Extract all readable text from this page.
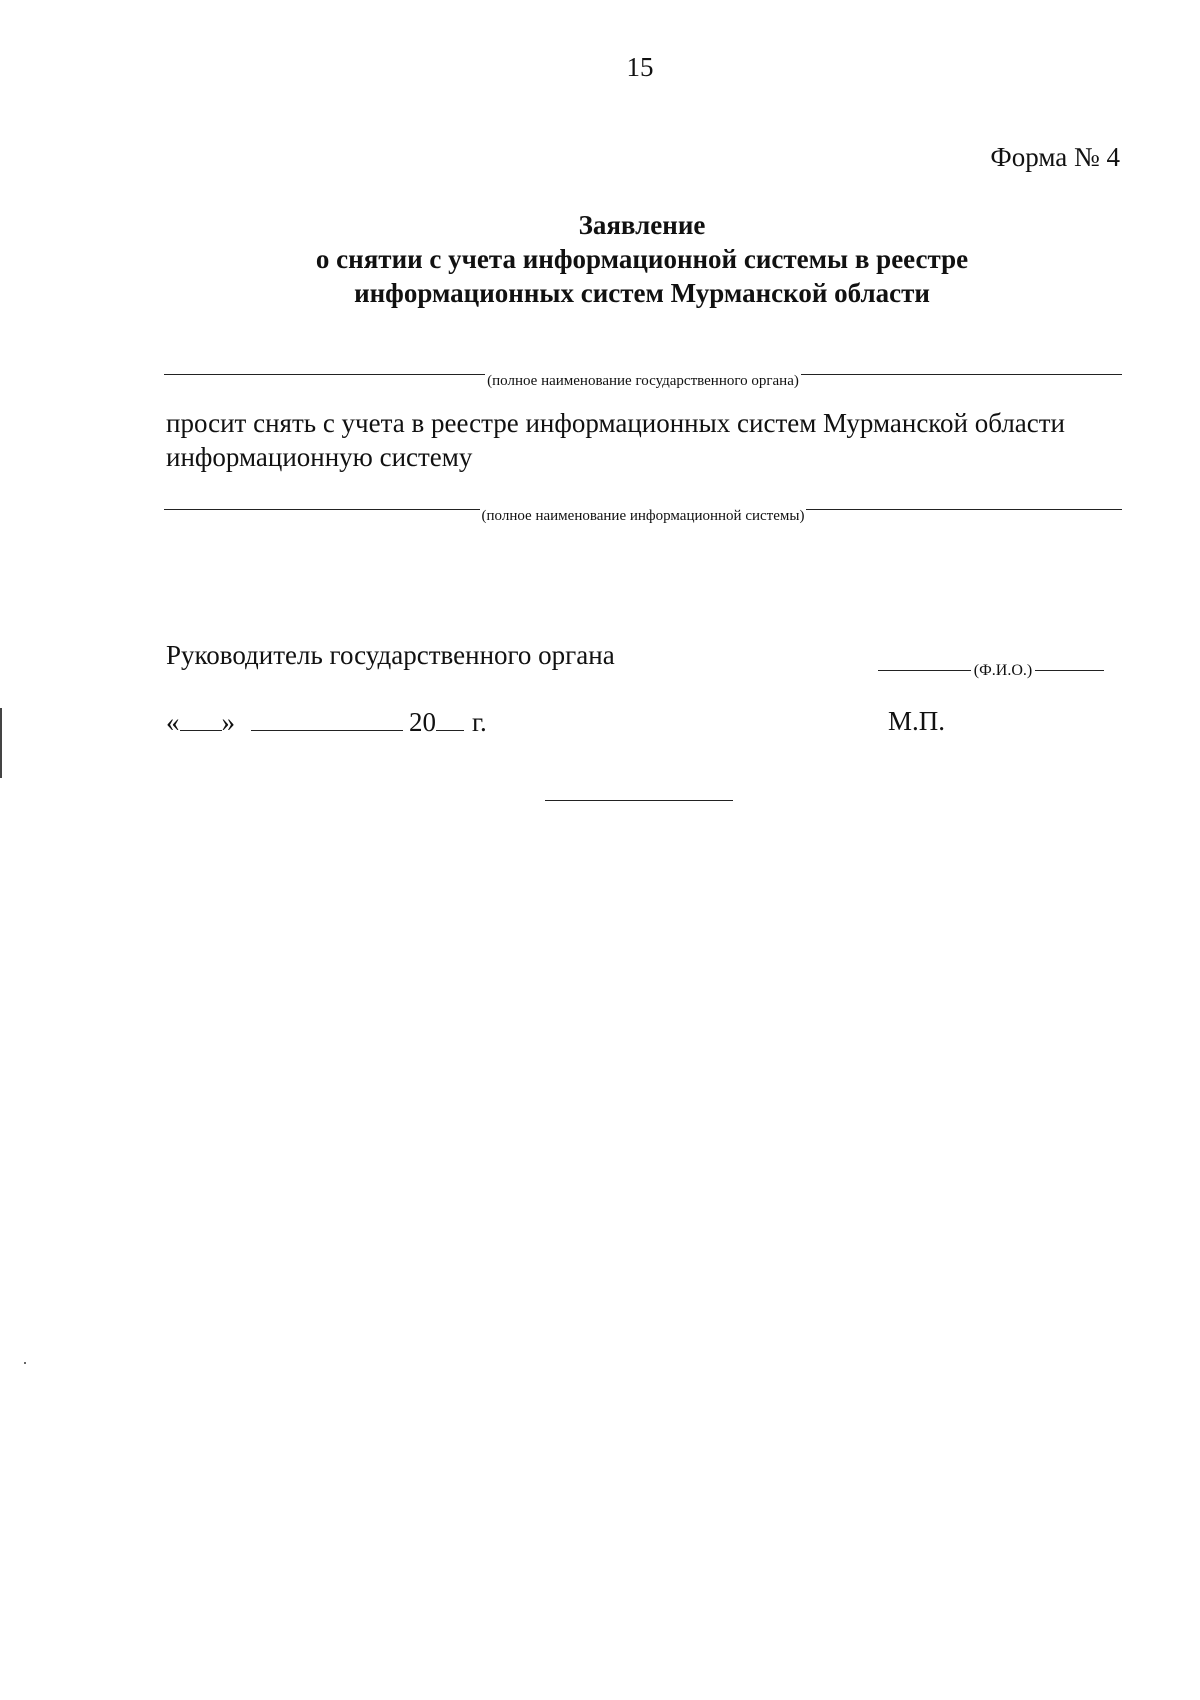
15
Форма № 4
Заявление
о снятии с учета информационной системы в реестре
информационных систем Мурманской области
(полное наименование государственного органа)
просит снять с учета в реестре информационных систем Мурманской области
информационную систему
(полное наименование информационной системы)
Руководитель государственного органа
(Ф.И.О.)
« »	20 г.	М.П.
